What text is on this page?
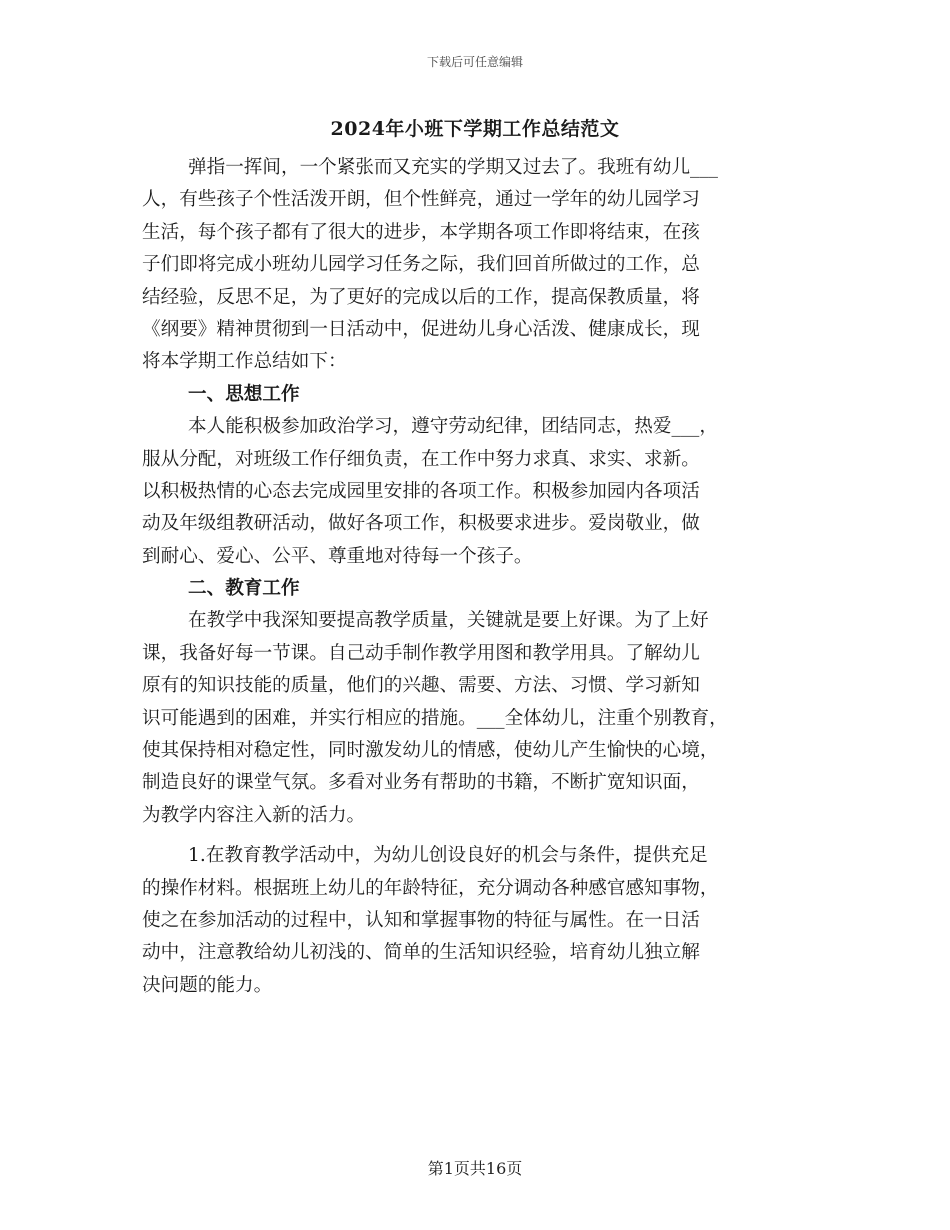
下载后可任意编辑
2024年小班下学期工作总结范文
弹指一挥间，一个紧张而又充实的学期又过去了。我班有幼儿___
人，有些孩子个性活泼开朗，但个性鲜亮，通过一学年的幼儿园学习
生活，每个孩子都有了很大的进步，本学期各项工作即将结束，在孩
子们即将完成小班幼儿园学习任务之际，我们回首所做过的工作，总
结经验，反思不足，为了更好的完成以后的工作，提高保教质量，将
《纲要》精神贯彻到一日活动中，促进幼儿身心活泼、健康成长，现
将本学期工作总结如下：
一、思想工作
本人能积极参加政治学习，遵守劳动纪律，团结同志，热爱___，
服从分配，对班级工作仔细负责，在工作中努力求真、求实、求新。
以积极热情的心态去完成园里安排的各项工作。积极参加园内各项活
动及年级组教研活动，做好各项工作，积极要求进步。爱岗敬业，做
到耐心、爱心、公平、尊重地对待每一个孩子。
二、教育工作
在教学中我深知要提高教学质量，关键就是要上好课。为了上好
课，我备好每一节课。自己动手制作教学用图和教学用具。了解幼儿
原有的知识技能的质量，他们的兴趣、需要、方法、习惯、学习新知
识可能遇到的困难，并实行相应的措施。___全体幼儿，注重个别教育，
使其保持相对稳定性，同时激发幼儿的情感，使幼儿产生愉快的心境，
制造良好的课堂气氛。多看对业务有帮助的书籍，不断扩宽知识面，
为教学内容注入新的活力。
1.在教育教学活动中，为幼儿创设良好的机会与条件，提供充足
的操作材料。根据班上幼儿的年龄特征，充分调动各种感官感知事物，
使之在参加活动的过程中，认知和掌握事物的特征与属性。在一日活
动中，注意教给幼儿初浅的、简单的生活知识经验，培育幼儿独立解
决问题的能力。
第1页共16页
